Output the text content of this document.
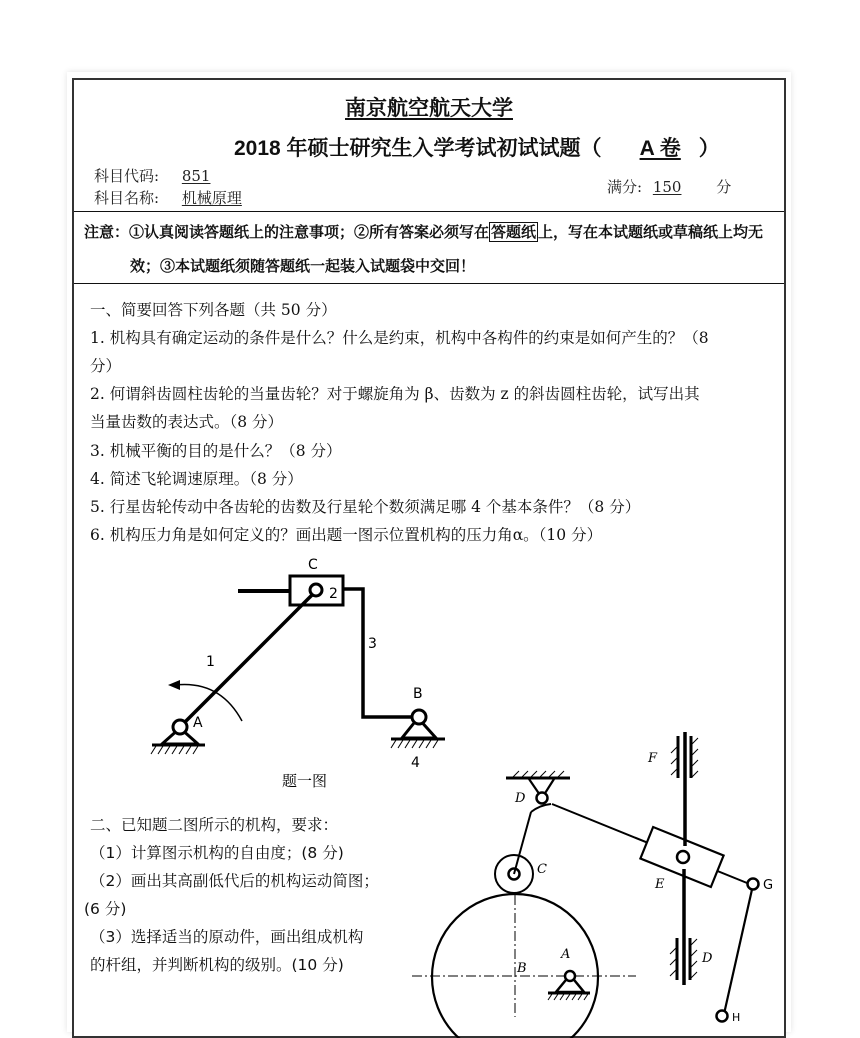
南京航空航天大学
2018 年硕士研究生入学考试初试试题（ A 卷 ）
科目代码: 851
科目名称: 机械原理
满分: 150 分
注意：①认真阅读答题纸上的注意事项；②所有答案必须写在 答题纸 上，写在本试题纸或草稿纸上均无
效；③本试题纸须随答题纸一起装入试题袋中交回！
一、简要回答下列各题（共 50 分）
1. 机构具有确定运动的条件是什么？什么是约束，机构中各构件的约束是如何产生的？（8
分）
2. 何谓斜齿圆柱齿轮的当量齿轮？对于螺旋角为 β、齿数为 z 的斜齿圆柱齿轮，试写出其
当量齿数的表达式。（8 分）
3. 机械平衡的目的是什么？（8 分）
4. 简述飞轮调速原理。（8 分）
5. 行星齿轮传动中各齿轮的齿数及行星轮个数须满足哪 4 个基本条件？（8 分）
6. 机构压力角是如何定义的？画出题一图示位置机构的压力角α。（10 分）
二、已知题二图所示的机构，要求：
（1）计算图示机构的自由度；(8 分)
（2）画出其高副低代后的机构运动简图；
(6 分)
（3）选择适当的原动件，画出组成机构
的杆组，并判断机构的级别。(10 分)
C
2
1
3
A
B
4
题一图
F
D
C
E	G
A
B
D
H
